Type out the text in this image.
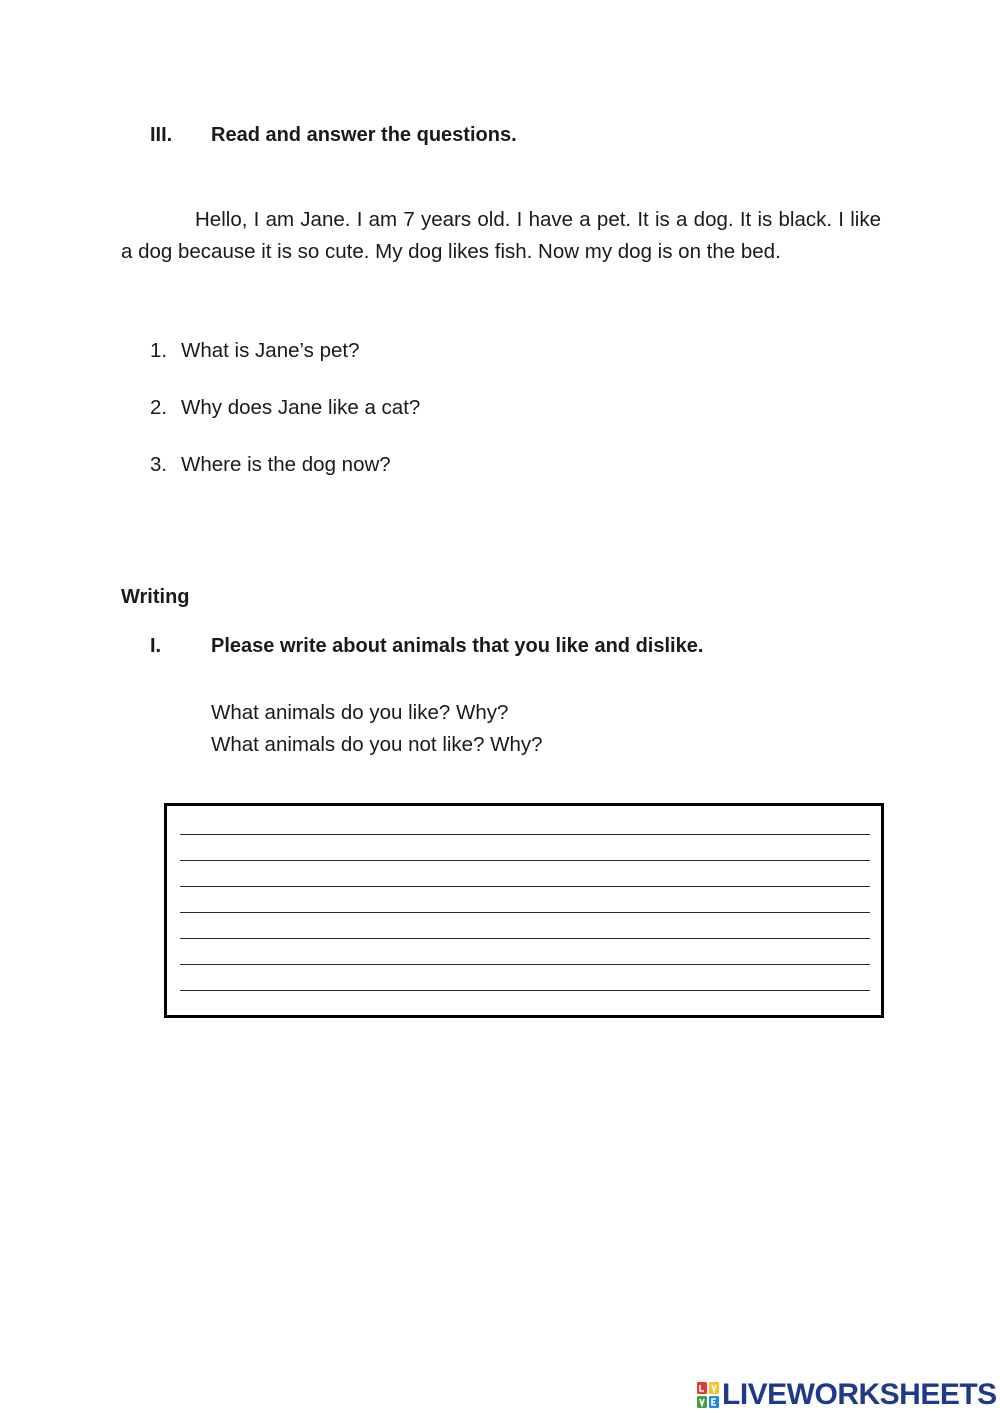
III. Read and answer the questions.
Hello, I am Jane. I am 7 years old. I have a pet. It is a dog. It is black. I like a dog because it is so cute. My dog likes fish. Now my dog is on the bed.
1. What is Jane’s pet?
2. Why does Jane like a cat?
3. Where is the dog now?
Writing
I. Please write about animals that you like and dislike.
What animals do you like? Why?
What animals do you not like? Why?
LIVEWORKSHEETS
